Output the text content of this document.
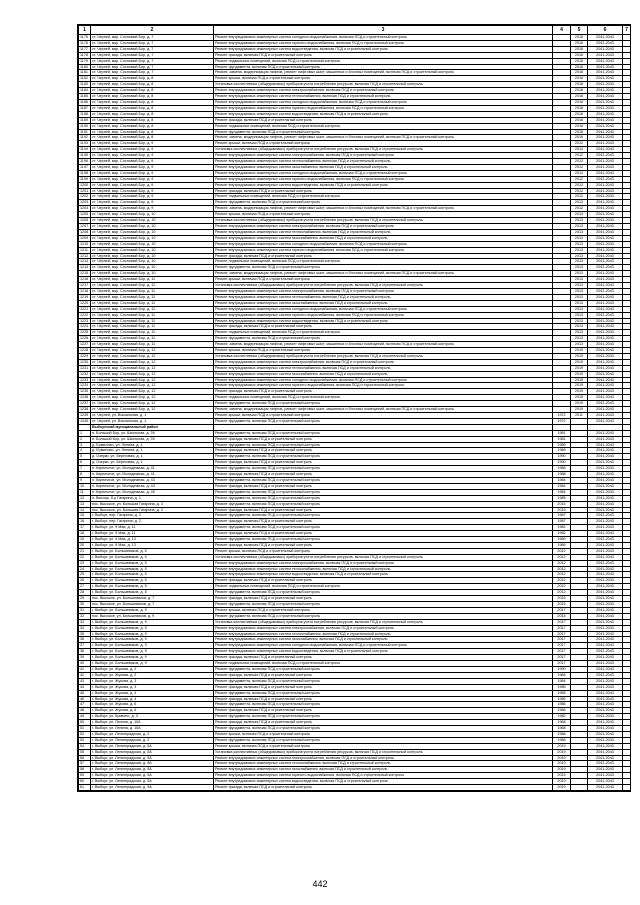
1	2	3	4	5	6	7
1175	ст. Черней, мкр. Сосновый Бор, д. 7	Ремонт внутридомовых инженерных систем холодного водоснабжения, включая ПСД и строительный контроль		2016	2041-2043	
1176	ст. Черней, мкр. Сосновый Бор, д. 7	Ремонт внутридомовых инженерных систем горячего водоснабжения, включая ПСД и строительный контроль		2016	2041-2043	
1177	ст. Черней, мкр. Сосновый Бор, д. 7	Ремонт внутридомовых инженерных систем водоотведения, включая ПСД и строительный контроль		2016	2041-2043	
1178	ст. Черней, мкр. Сосновый Бор, д. 7	Ремонт фасада, включая ПСД и строительный контроль		2016	2041-2043	
1179	ст. Черней, мкр. Сосновый Бор, д. 7	Ремонт подвальных помещений, включая ПСД и строительный контроль		2016	2041-2043	
1180	ст. Черней, мкр. Сосновый Бор, д. 7	Ремонт фундамента, включая ПСД и строительный контроль		2016	2041-2043	
1181	ст. Черней, мкр. Сосновый Бор, д. 7	Ремонт, замена, модернизация лифтов, ремонт лифтовых шахт, машинных и блочных помещений, включая ПСД и строительный контроль		2016	2041-2043	
1182	ст. Черней, мкр. Сосновый Бор, д. 8	Ремонт крыши, включая ПСД и строительный контроль		2016	2041-2043	
1183	ст. Черней, мкр. Сосновый Бор, д. 8	Установка коллективных (общедомовых) приборов учета потребления ресурсов, включая ПСД и строительный контроль		2016	2041-2043	
1184	ст. Черней, мкр. Сосновый Бор, д. 8	Ремонт внутридомовых инженерных систем электроснабжения, включая ПСД и строительный контроль		2016	2041-2043	
1185	ст. Черней, мкр. Сосновый Бор, д. 8	Ремонт внутридомовых инженерных систем теплоснабжения, включая ПСД и строительный контроль		2016	2041-2043	
1186	ст. Черней, мкр. Сосновый Бор, д. 8	Ремонт внутридомовых инженерных систем холодного водоснабжения, включая ПСД и строительный контроль		2016	2041-2043	
1187	ст. Черней, мкр. Сосновый Бор, д. 8	Ремонт внутридомовых инженерных систем горячего водоснабжения, включая ПСД и строительный контроль		2016	2041-2043	
1188	ст. Черней, мкр. Сосновый Бор, д. 8	Ремонт внутридомовых инженерных систем водоотведения, включая ПСД и строительный контроль		2016	2041-2043	
1189	ст. Черней, мкр. Сосновый Бор, д. 8	Ремонт фасада, включая ПСД и строительный контроль		2016	2041-2043	
1190	ст. Черней, мкр. Сосновый Бор, д. 8	Ремонт подвальных помещений, включая ПСД и строительный контроль		2016	2041-2043	
1191	ст. Черней, мкр. Сосновый Бор, д. 8	Ремонт фундамента, включая ПСД и строительный контроль		2016	2041-2043	
1192	ст. Черней, мкр. Сосновый Бор, д. 8	Ремонт, замена, модернизация лифтов, ремонт лифтовых шахт, машинных и блочных помещений, включая ПСД и строительный контроль		2016	2041-2043	
1193	ст. Черней, мкр. Сосновый Бор, д. 9	Ремонт крыши, включая ПСД и строительный контроль		2012	2041-2043	
1194	ст. Черней, мкр. Сосновый Бор, д. 9	Установка коллективных (общедомовых) приборов учета потребления ресурсов, включая ПСД и строительный контроль		2012	2041-2043	
1195	ст. Черней, мкр. Сосновый Бор, д. 9	Ремонт внутридомовых инженерных систем электроснабжения, включая ПСД и строительный контроль		2012	2041-2043	
1196	ст. Черней, мкр. Сосновый Бор, д. 9	Ремонт внутридомовых инженерных систем теплоснабжения, включая ПСД и строительный контроль		2012	2041-2043	
1197	ст. Черней, мкр. Сосновый Бор, д. 9	Ремонт внутридомовых инженерных систем газоснабжения, включая ПСД и строительный контроль		2012	2041-2043	
1198	ст. Черней, мкр. Сосновый Бор, д. 9	Ремонт внутридомовых инженерных систем холодного водоснабжения, включая ПСД и строительный контроль		2012	2041-2043	
1199	ст. Черней, мкр. Сосновый Бор, д. 9	Ремонт внутридомовых инженерных систем горячего водоснабжения, включая ПСД и строительный контроль		2012	2041-2043	
1200	ст. Черней, мкр. Сосновый Бор, д. 9	Ремонт внутридомовых инженерных систем водоотведения, включая ПСД и строительный контроль		2012	2041-2043	
1201	ст. Черней, мкр. Сосновый Бор, д. 9	Ремонт фасада, включая ПСД и строительный контроль		2012	2041-2043	
1202	ст. Черней, мкр. Сосновый Бор, д. 9	Ремонт подвальных помещений, включая ПСД и строительный контроль		2012	2041-2043	
1203	ст. Черней, мкр. Сосновый Бор, д. 9	Ремонт фундамента, включая ПСД и строительный контроль		2012	2041-2043	
1204	ст. Черней, мкр. Сосновый Бор, д. 9	Ремонт, замена, модернизация лифтов, ремонт лифтовых шахт, машинных и блочных помещений, включая ПСД и строительный контроль		2012	2041-2043	
1205	ст. Черней, мкр. Сосновый Бор, д. 10	Ремонт крыши, включая ПСД и строительный контроль		2013	2041-2043	
1206	ст. Черней, мкр. Сосновый Бор, д. 10	Установка коллективных (общедомовых) приборов учета потребления ресурсов, включая ПСД и строительный контроль		2013	2041-2043	
1207	ст. Черней, мкр. Сосновый Бор, д. 10	Ремонт внутридомовых инженерных систем электроснабжения, включая ПСД и строительный контроль		2013	2041-2043	
1208	ст. Черней, мкр. Сосновый Бор, д. 10	Ремонт внутридомовых инженерных систем теплоснабжения, включая ПСД и строительный контроль		2013	2041-2043	
1209	ст. Черней, мкр. Сосновый Бор, д. 10	Ремонт внутридомовых инженерных систем газоснабжения, включая ПСД и строительный контроль		2013	2041-2043	
1210	ст. Черней, мкр. Сосновый Бор, д. 10	Ремонт внутридомовых инженерных систем холодного водоснабжения, включая ПСД и строительный контроль		2013	2041-2043	
1211	ст. Черней, мкр. Сосновый Бор, д. 10	Ремонт внутридомовых инженерных систем горячего водоснабжения, включая ПСД и строительный контроль		2013	2041-2043	
1212	ст. Черней, мкр. Сосновый Бор, д. 10	Ремонт фасада, включая ПСД и строительный контроль		2013	2041-2043	
1213	ст. Черней, мкр. Сосновый Бор, д. 10	Ремонт подвальных помещений, включая ПСД и строительный контроль		2013	2041-2043	
1214	ст. Черней, мкр. Сосновый Бор, д. 10	Ремонт фундамента, включая ПСД и строительный контроль		2013	2041-2043	
1215	ст. Черней, мкр. Сосновый Бор, д. 10	Ремонт, замена, модернизация лифтов, ремонт лифтовых шахт, машинных и блочных помещений, включая ПСД и строительный контроль		2013	2041-2043	
1216	ст. Черней, мкр. Сосновый Бор, д. 11	Ремонт крыши, включая ПСД и строительный контроль		2013	2041-2043	
1217	ст. Черней, мкр. Сосновый Бор, д. 11	Установка коллективных (общедомовых) приборов учета потребления ресурсов, включая ПСД и строительный контроль		2013	2041-2043	
1218	ст. Черней, мкр. Сосновый Бор, д. 11	Ремонт внутридомовых инженерных систем электроснабжения, включая ПСД и строительный контроль		2013	2041-2043	
1219	ст. Черней, мкр. Сосновый Бор, д. 11	Ремонт внутридомовых инженерных систем теплоснабжения, включая ПСД и строительный контроль		2013	2041-2043	
1220	ст. Черней, мкр. Сосновый Бор, д. 11	Ремонт внутридомовых инженерных систем газоснабжения, включая ПСД и строительный контроль		2013	2041-2043	
1221	ст. Черней, мкр. Сосновый Бор, д. 11	Ремонт внутридомовых инженерных систем холодного водоснабжения, включая ПСД и строительный контроль		2013	2041-2043	
1222	ст. Черней, мкр. Сосновый Бор, д. 11	Ремонт внутридомовых инженерных систем горячего водоснабжения, включая ПСД и строительный контроль		2013	2041-2043	
1223	ст. Черней, мкр. Сосновый Бор, д. 11	Ремонт внутридомовых инженерных систем водоотведения, включая ПСД и строительный контроль		2013	2041-2043	
1224	ст. Черней, мкр. Сосновый Бор, д. 11	Ремонт фасада, включая ПСД и строительный контроль		2013	2041-2043	
1225	ст. Черней, мкр. Сосновый Бор, д. 11	Ремонт подвальных помещений, включая ПСД и строительный контроль		2013	2041-2043	
1226	ст. Черней, мкр. Сосновый Бор, д. 11	Ремонт фундамента, включая ПСД и строительный контроль		2013	2041-2043	
1227	ст. Черней, мкр. Сосновый Бор, д. 11	Ремонт, замена, модернизация лифтов, ремонт лифтовых шахт, машинных и блочных помещений, включая ПСД и строительный контроль		2013	2041-2043	
1228	ст. Черней, мкр. Сосновый Бор, д. 12	Ремонт крыши, включая ПСД и строительный контроль		2019	2041-2043	
1229	ст. Черней, мкр. Сосновый Бор, д. 12	Установка коллективных (общедомовых) приборов учета потребления ресурсов, включая ПСД и строительный контроль		2019	2041-2043	
1230	ст. Черней, мкр. Сосновый Бор, д. 12	Ремонт внутридомовых инженерных систем электроснабжения, включая ПСД и строительный контроль		2019	2041-2043	
1231	ст. Черней, мкр. Сосновый Бор, д. 12	Ремонт внутридомовых инженерных систем теплоснабжения, включая ПСД и строительный контроль		2019	2041-2043	
1232	ст. Черней, мкр. Сосновый Бор, д. 12	Ремонт внутридомовых инженерных систем газоснабжения, включая ПСД и строительный контроль		2019	2041-2043	
1233	ст. Черней, мкр. Сосновый Бор, д. 12	Ремонт внутридомовых инженерных систем холодного водоснабжения, включая ПСД и строительный контроль		2019	2041-2043	
1234	ст. Черней, мкр. Сосновый Бор, д. 12	Ремонт внутридомовых инженерных систем горячего водоснабжения, включая ПСД и строительный контроль		2019	2041-2043	
1235	ст. Черней, мкр. Сосновый Бор, д. 12	Ремонт фасада, включая ПСД и строительный контроль		2019	2041-2043	
1236	ст. Черней, мкр. Сосновый Бор, д. 12	Ремонт подвальных помещений, включая ПСД и строительный контроль		2019	2041-2043	
1237	ст. Черней, мкр. Сосновый Бор, д. 12	Ремонт фундамента, включая ПСД и строительный контроль		2019	2041-2043	
1238	ст. Черней, мкр. Сосновый Бор, д. 12	Ремонт, замена, модернизация лифтов, ремонт лифтовых шахт, машинных и блочных помещений, включая ПСД и строительный контроль		2019	2041-2043	
1239	ст. Черней, ул. Вокзальная, д. 1	Ремонт крыши, включая ПСД и строительный контроль	1972	2011	2041-2043	
1240	ст. Черней, ул. Вокзальная, д. 1	Ремонт фундамента, включая ПСД и строительный контроль	1972		2041-2043	
	Выборгский муниципальный район					
1	п. Большой Бор, ул. Школьная, д. 39	Ремонт фундамента, включая ПСД и строительный контроль	1981		2041-2043	
2	п. Большой Бор, ул. Школьная, д. 39	Ремонт фасада, включая ПСД и строительный контроль	1981		2041-2043	
3	д. Ермилово, ул. Ленина, д. 1	Ремонт фундамента, включая ПСД и строительный контроль	1989		2041-2043	
4	д. Ермилово, ул. Ленина, д. 1	Ремонт фасада, включая ПСД и строительный контроль	1989		2041-2043	
5	д. Озерки, ул. Береговая, д. 1	Ремонт фундамента, включая ПСД и строительный контроль	1990		2041-2043	
6	д. Озерки, ул. Береговая, д. 1	Ремонт фасада, включая ПСД и строительный контроль	1990		2041-2043	
7	п. Кирпичное, ул. Молодежная, д. 41	Ремонт фундамента, включая ПСД и строительный контроль	1988		2041-2043	
8	п. Кирпичное, ул. Молодежная, д. 41	Ремонт фасада, включая ПСД и строительный контроль	1988		2041-2043	
9	п. Кирпичное, ул. Молодежная, д. 43	Ремонт фундамента, включая ПСД и строительный контроль	1984		2041-2043	
10	п. Кирпичное, ул. Молодежная, д. 43	Ремонт фасада, включая ПСД и строительный контроль	1984		2041-2043	
11	п. Кирпичное, ул. Молодежная, д. 45	Ремонт фундамента, включая ПСД и строительный контроль	1984		2041-2043	
12	п. Высоцк, б-р Гагарина, д. 1	Ремонт фундамента, включая ПСД и строительный контроль	1985		2041-2043	
13	пос. Высокое, ул. Большая Гагарина, д. 3	Ремонт фундамента, включая ПСД и строительный контроль	2015		2041-2043	
14	пос. Высокое, ул. Большая Гагарина, д. 3	Ремонт фасада, включая ПСД и строительный контроль	2015		2041-2043	
15	г. Выборг, пер. Гагарина, д. 2	Ремонт фундамента, включая ПСД и строительный контроль	1987		2041-2043	
16	г. Выборг, пер. Гагарина, д. 2	Ремонт фасада, включая ПСД и строительный контроль	1987		2041-2043	
17	г. Выборг, ул. 9 Мая, д. 11	Ремонт фундамента, включая ПСД и строительный контроль	1982		2041-2043	
18	г. Выборг, ул. 9 Мая, д. 11	Ремонт фасада, включая ПСД и строительный контроль	1982		2041-2043	
19	г. Выборг, ул. 9 Мая, д. 13	Ремонт фундамента, включая ПСД и строительный контроль	1989		2041-2043	
20	г. Выборг, ул. 9 Мая, д. 13	Ремонт фасада, включая ПСД и строительный контроль	1989		2041-2043	
21	г. Выборг, ул. Большевиков, д. 5	Ремонт крыши, включая ПСД и строительный контроль	2012		2041-2043	
22	г. Выборг, ул. Большевиков, д. 5	Установка коллективных (общедомовых) приборов учета потребления ресурсов, включая ПСД и строительный контроль	2012		2041-2043	
23	г. Выборг, ул. Большевиков, д. 5	Ремонт внутридомовых инженерных систем электроснабжения, включая ПСД и строительный контроль	2012		2041-2043	
24	г. Выборг, ул. Большевиков, д. 5	Ремонт внутридомовых инженерных систем теплоснабжения, включая ПСД и строительный контроль	2012		2041-2043	
25	г. Выборг, ул. Большевиков, д. 5	Ремонт внутридомовых инженерных систем водоотведения, включая ПСД и строительный контроль	2012		2041-2043	
26	г. Выборг, ул. Большевиков, д. 5	Ремонт фасада, включая ПСД и строительный контроль	2012		2041-2043	
27	г. Выборг, ул. Большевиков, д. 5	Ремонт подвальных помещений, включая ПСД и строительный контроль	2012		2041-2043	
28	г. Выборг, ул. Большевиков, д. 5	Ремонт фундамента, включая ПСД и строительный контроль	2012		2041-2043	
29	пос. Высокое, ул. Большевиков, д. 7	Ремонт фасада, включая ПСД и строительный контроль	2015		2041-2043	
30	пос. Высокое, ул. Большевиков, д. 7	Ремонт фундамента, включая ПСД и строительный контроль	2015		2041-2043	
31	г. Выборг, ул. Большевиков, д. 9	Ремонт крыши, включая ПСД и строительный контроль	2017		2041-2043	
32	пос. Высокое, ул. Большевиков, д. 9	Ремонт фундамента, включая ПСД и строительный контроль	2015		2041-2043	
33	г. Выборг, ул. Большевиков, д. 9	Установка коллективных (общедомовых) приборов учета потребления ресурсов, включая ПСД и строительный контроль	2017		2041-2043	
34	г. Выборг, ул. Большевиков, д. 9	Ремонт внутридомовых инженерных систем электроснабжения, включая ПСД и строительный контроль	2017		2041-2043	
35	г. Выборг, ул. Большевиков, д. 9	Ремонт внутридомовых инженерных систем теплоснабжения, включая ПСД и строительный контроль	2017		2041-2043	
36	г. Выборг, ул. Большевиков, д. 9	Ремонт внутридомовых инженерных систем газоснабжения, включая ПСД и строительный контроль	2017		2041-2043	
37	г. Выборг, ул. Большевиков, д. 9	Ремонт внутридомовых инженерных систем холодного водоснабжения, включая ПСД и строительный контроль	2017		2041-2043	
38	г. Выборг, ул. Большевиков, д. 9	Ремонт внутридомовых инженерных систем водоотведения, включая ПСД и строительный контроль	2017		2041-2043	
39	г. Выборг, ул. Большевиков, д. 9	Ремонт фасада, включая ПСД и строительный контроль	2017		2041-2043	
40	г. Выборг, ул. Большевиков, д. 9	Ремонт подвальных помещений, включая ПСД и строительный контроль	2017		2041-2043	
41	г. Выборг, ул. Жукова, д. 2	Ремонт фундамента, включая ПСД и строительный контроль	1990		2041-2043	
42	г. Выборг, ул. Жукова, д. 2	Ремонт фасада, включая ПСД и строительный контроль	1984		2041-2043	
43	г. Выборг, ул. Жукова, д. 3	Ремонт фундамента, включая ПСД и строительный контроль	1984		2041-2043	
44	г. Выборг, ул. Жукова, д. 3	Ремонт фасада, включая ПСД и строительный контроль	1985		2041-2043	
45	г. Выборг, ул. Жукова, д. 4	Ремонт фундамента, включая ПСД и строительный контроль	1985		2041-2043	
46	г. Выборг, ул. Жукова, д. 4	Ремонт фасада, включая ПСД и строительный контроль	1985		2041-2043	
47	г. Выборг, ул. Жукова, д. 6	Ремонт фундамента, включая ПСД и строительный контроль	1986		2041-2043	
48	г. Выборг, ул. Жукова, д. 6	Ремонт фасада, включая ПСД и строительный контроль	1986		2041-2043	
49	г. Выборг, ул. Кривоно, д. 3	Ремонт фундамента, включая ПСД и строительный контроль	1982		2041-2043	
50	г. Выборг, ул. Ленина, д. 10А	Ремонт фасада, включая ПСД и строительный контроль	1968		2041-2043	
51	г. Выборг, ул. Ленина, д. 10А	Ремонт фундамента, включая ПСД и строительный контроль	1968		2041-2043	
52	г. Выборг, ул. Ленинградская, д. 2	Ремонт крыши, включая ПСД и строительный контроль	1988		2041-2043	
53	г. Выборг, ул. Ленинградская, д. 2	Ремонт фундамента, включая ПСД и строительный контроль	1988		2041-2043	
54	г. Выборг, ул. Ленинградская, д. 5А	Ремонт крыши, включая ПСД и строительный контроль	2019		2041-2043	
55	г. Выборг, ул. Ленинградская, д. 5А	Установка коллективных (общедомовых) приборов учета потребления ресурсов, включая ПСД и строительный контроль	2019		2041-2043	
56	г. Выборг, ул. Ленинградская, д. 5А	Ремонт внутридомовых инженерных систем электроснабжения, включая ПСД и строительный контроль	2019		2041-2043	
57	г. Выборг, ул. Ленинградская, д. 5А	Ремонт внутридомовых инженерных систем теплоснабжения, включая ПСД и строительный контроль	2019		2041-2043	
58	г. Выборг, ул. Ленинградская, д. 5А	Ремонт внутридомовых инженерных систем газоснабжения, включая ПСД и строительный контроль	2019		2041-2043	
59	г. Выборг, ул. Ленинградская, д. 5А	Ремонт внутридомовых инженерных систем горячего водоснабжения, включая ПСД и строительный контроль	2019		2041-2043	
60	г. Выборг, ул. Ленинградская, д. 5А	Ремонт внутридомовых инженерных систем водоотведения, включая ПСД и строительный контроль	2019		2041-2043	
61	г. Выборг, ул. Ленинградская, д. 5А	Ремонт фасада, включая ПСД и строительный контроль	2019		2041-2043	
442
